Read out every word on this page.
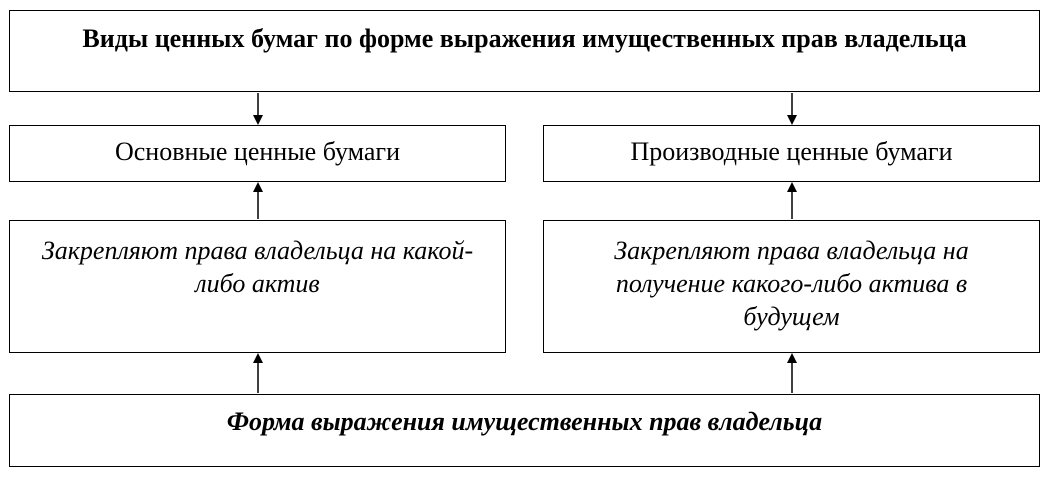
Виды ценных бумаг по форме выражения имущественных прав владельца
Основные ценные бумаги	Производные ценные бумаги
Закрепляют права владельца на какой-либо актив
Закрепляют права владельца на получение какого-либо актива в будущем
Форма выражения имущественных прав владельца
